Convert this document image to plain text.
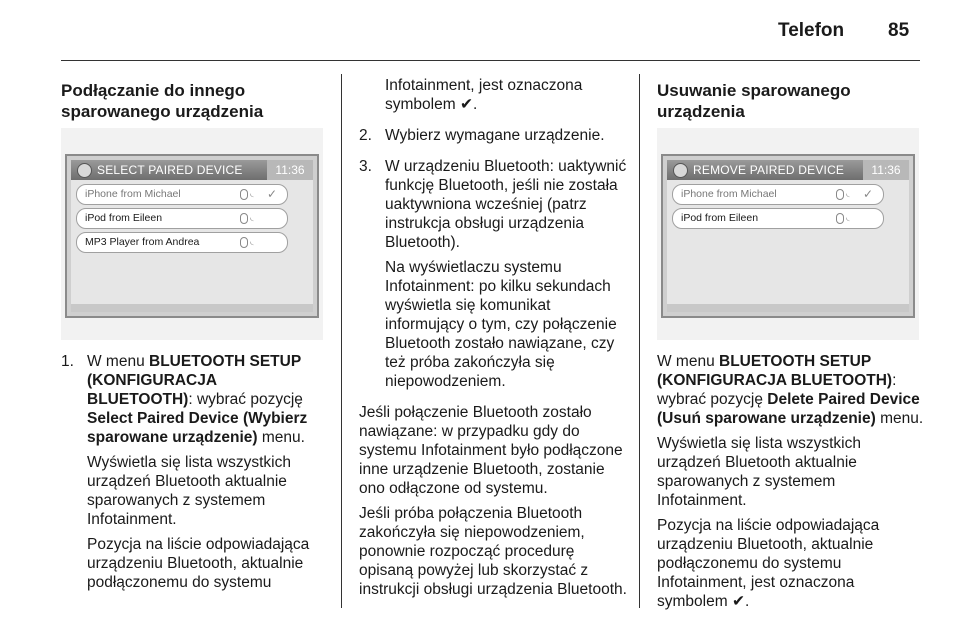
Telefon 85
Podłączanie do innego sparowanego urządzenia
SELECT PAIRED DEVICE	11:36
iPhone from Michael	◟ ✓
iPod from Eileen	◟
MP3 Player from Andrea	◟
1. W menu BLUETOOTH SETUP (KONFIGURACJA BLUETOOTH): wybrać pozycję Select Paired Device (Wybierz sparowane urządzenie) menu.

Wyświetla się lista wszystkich urządzeń Bluetooth aktualnie sparowanych z systemem Infotainment.

Pozycja na liście odpowiadająca urządzeniu Bluetooth, aktualnie podłączonemu do systemu

Infotainment, jest oznaczona symbolem ✔.

2. Wybierz wymagane urządzenie.

3. W urządzeniu Bluetooth: uaktywnić funkcję Bluetooth, jeśli nie została uaktywniona wcześniej (patrz instrukcja obsługi urządzenia Bluetooth).

Na wyświetlaczu systemu Infotainment: po kilku sekundach wyświetla się komunikat informujący o tym, czy połączenie Bluetooth zostało nawiązane, czy też próba zakończyła się niepowodzeniem.

Jeśli połączenie Bluetooth zostało nawiązane: w przypadku gdy do systemu Infotainment było podłączone inne urządzenie Bluetooth, zostanie ono odłączone od systemu.

Jeśli próba połączenia Bluetooth zakończyła się niepowodzeniem, ponownie rozpocząć procedurę opisaną powyżej lub skorzystać z instrukcji obsługi urządzenia Bluetooth.

Usuwanie sparowanego urządzenia
REMOVE PAIRED DEVICE	11:36
iPhone from Michael	◟ ✓
iPod from Eileen	◟

W menu BLUETOOTH SETUP (KONFIGURACJA BLUETOOTH): wybrać pozycję Delete Paired Device (Usuń sparowane urządzenie) menu.

Wyświetla się lista wszystkich urządzeń Bluetooth aktualnie sparowanych z systemem Infotainment.

Pozycja na liście odpowiadająca urządzeniu Bluetooth, aktualnie podłączonemu do systemu Infotainment, jest oznaczona symbolem ✔.
